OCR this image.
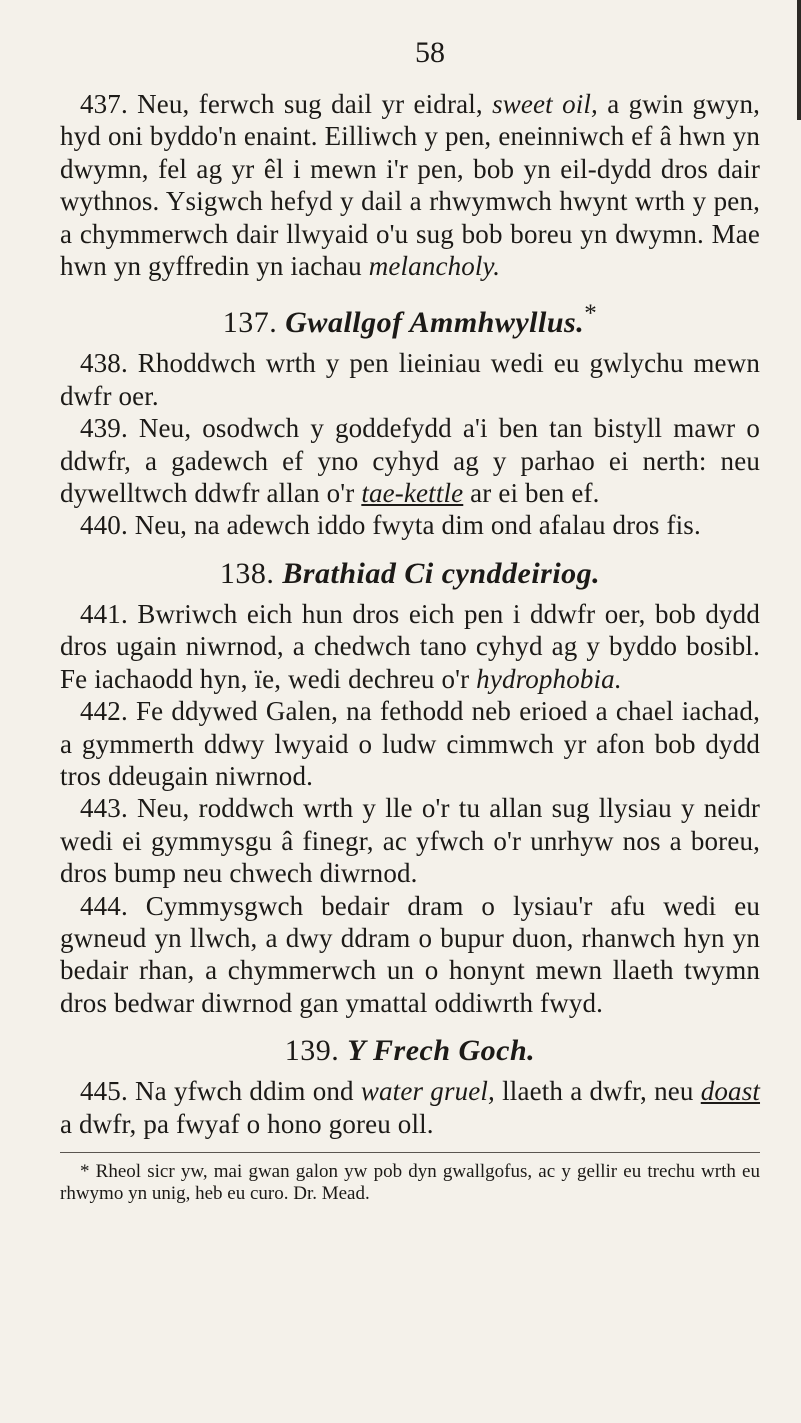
58

437. Neu, ferwch sug dail yr eidral, sweet oil, a gwin gwyn, hyd oni byddo'n enaint. Eilliwch y pen, eneinniwch ef â hwn yn dwymn, fel ag yr êl i mewn i'r pen, bob yn eil-dydd dros dair wythnos. Ysigwch hefyd y dail a rhwymwch hwynt wrth y pen, a chymmerwch dair llwyaid o'u sug bob boreu yn dwymn. Mae hwn yn gyffredin yn iachau melancholy.

137. Gwallgof Ammhwyllus.*

438. Rhoddwch wrth y pen lieiniau wedi eu gwlychu mewn dwfr oer.

439. Neu, osodwch y goddefydd a'i ben tan bistyll mawr o ddwfr, a gadewch ef yno cyhyd ag y parhao ei nerth: neu dywelltwch ddwfr allan o'r tae-kettle ar ei ben ef.

440. Neu, na adewch iddo fwyta dim ond afalau dros fis.

138. Brathiad Ci cynddeiriog.

441. Bwriwch eich hun dros eich pen i ddwfr oer, bob dydd dros ugain niwrnod, a chedwch tano cyhyd ag y byddo bosibl. Fe iachaodd hyn, ïe, wedi dechreu o'r hydrophobia.

442. Fe ddywed Galen, na fethodd neb erioed a chael iachad, a gymmerth ddwy lwyaid o ludw cimmwch yr afon bob dydd tros ddeugain niwrnod.

443. Neu, roddwch wrth y lle o'r tu allan sug llysiau y neidr wedi ei gymmysgu â finegr, ac yfwch o'r unrhyw nos a boreu, dros bump neu chwech diwrnod.

444. Cymmysgwch bedair dram o lysiau'r afu wedi eu gwneud yn llwch, a dwy ddram o bupur duon, rhanwch hyn yn bedair rhan, a chymmerwch un o honynt mewn llaeth twymn dros bedwar diwrnod gan ymattal oddiwrth fwyd.

139. Y Frech Goch.

445. Na yfwch ddim ond water gruel, llaeth a dwfr, neu doast a dwfr, pa fwyaf o hono goreu oll.

* Rheol sicr yw, mai gwan galon yw pob dyn gwallgofus, ac y gellir eu trechu wrth eu rhwymo yn unig, heb eu curo. Dr. Mead.
